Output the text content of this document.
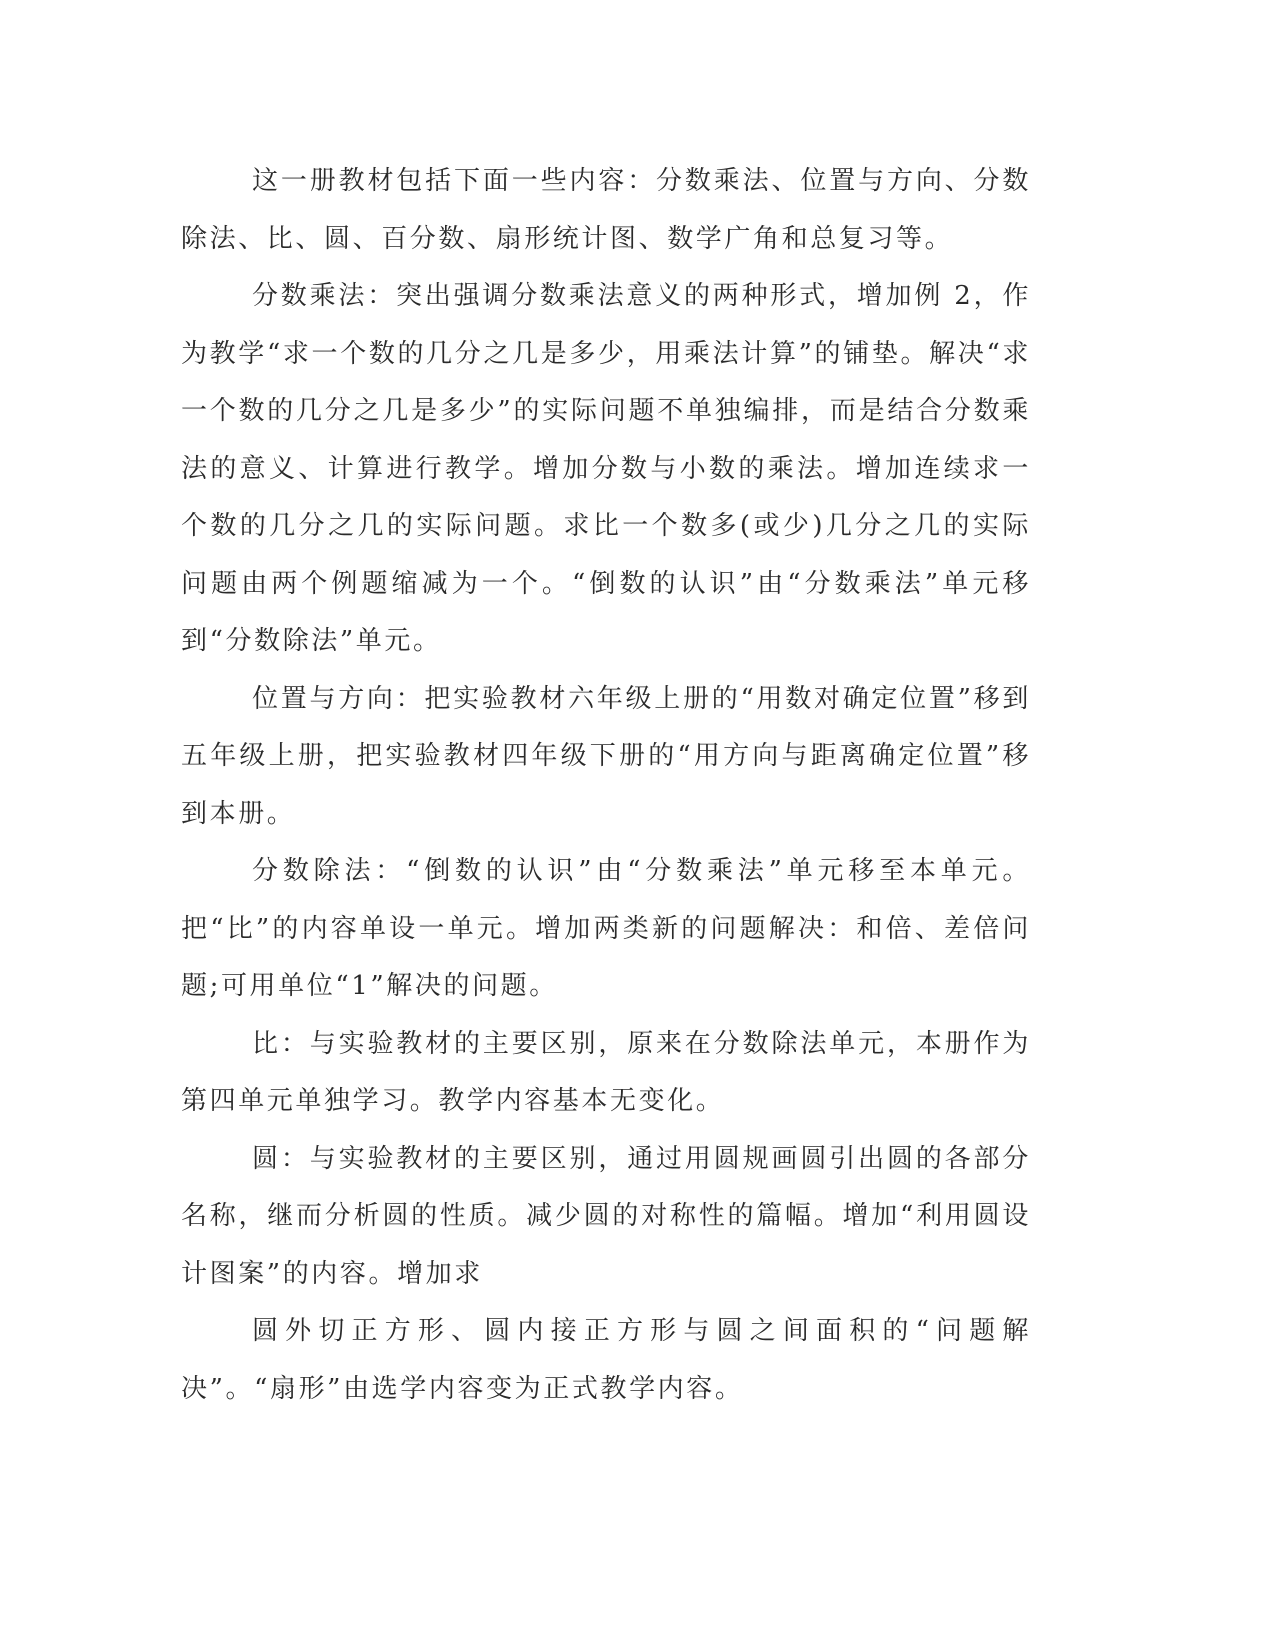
这一册教材包括下面一些内容：分数乘法、位置与方向、分数除法、比、圆、百分数、扇形统计图、数学广角和总复习等。

分数乘法：突出强调分数乘法意义的两种形式，增加例 2，作为教学“求一个数的几分之几是多少，用乘法计算”的铺垫。解决“求一个数的几分之几是多少”的实际问题不单独编排，而是结合分数乘法的意义、计算进行教学。增加分数与小数的乘法。增加连续求一个数的几分之几的实际问题。求比一个数多(或少)几分之几的实际问题由两个例题缩减为一个。“倒数的认识”由“分数乘法”单元移到“分数除法”单元。

位置与方向：把实验教材六年级上册的“用数对确定位置”移到五年级上册，把实验教材四年级下册的“用方向与距离确定位置”移到本册。

分数除法：“倒数的认识”由“分数乘法”单元移至本单元。把“比”的内容单设一单元。增加两类新的问题解决：和倍、差倍问题;可用单位“1”解决的问题。

比：与实验教材的主要区别，原来在分数除法单元，本册作为第四单元单独学习。教学内容基本无变化。

圆：与实验教材的主要区别，通过用圆规画圆引出圆的各部分名称，继而分析圆的性质。减少圆的对称性的篇幅。增加“利用圆设计图案”的内容。增加求

圆外切正方形、圆内接正方形与圆之间面积的“问题解决”。“扇形”由选学内容变为正式教学内容。
